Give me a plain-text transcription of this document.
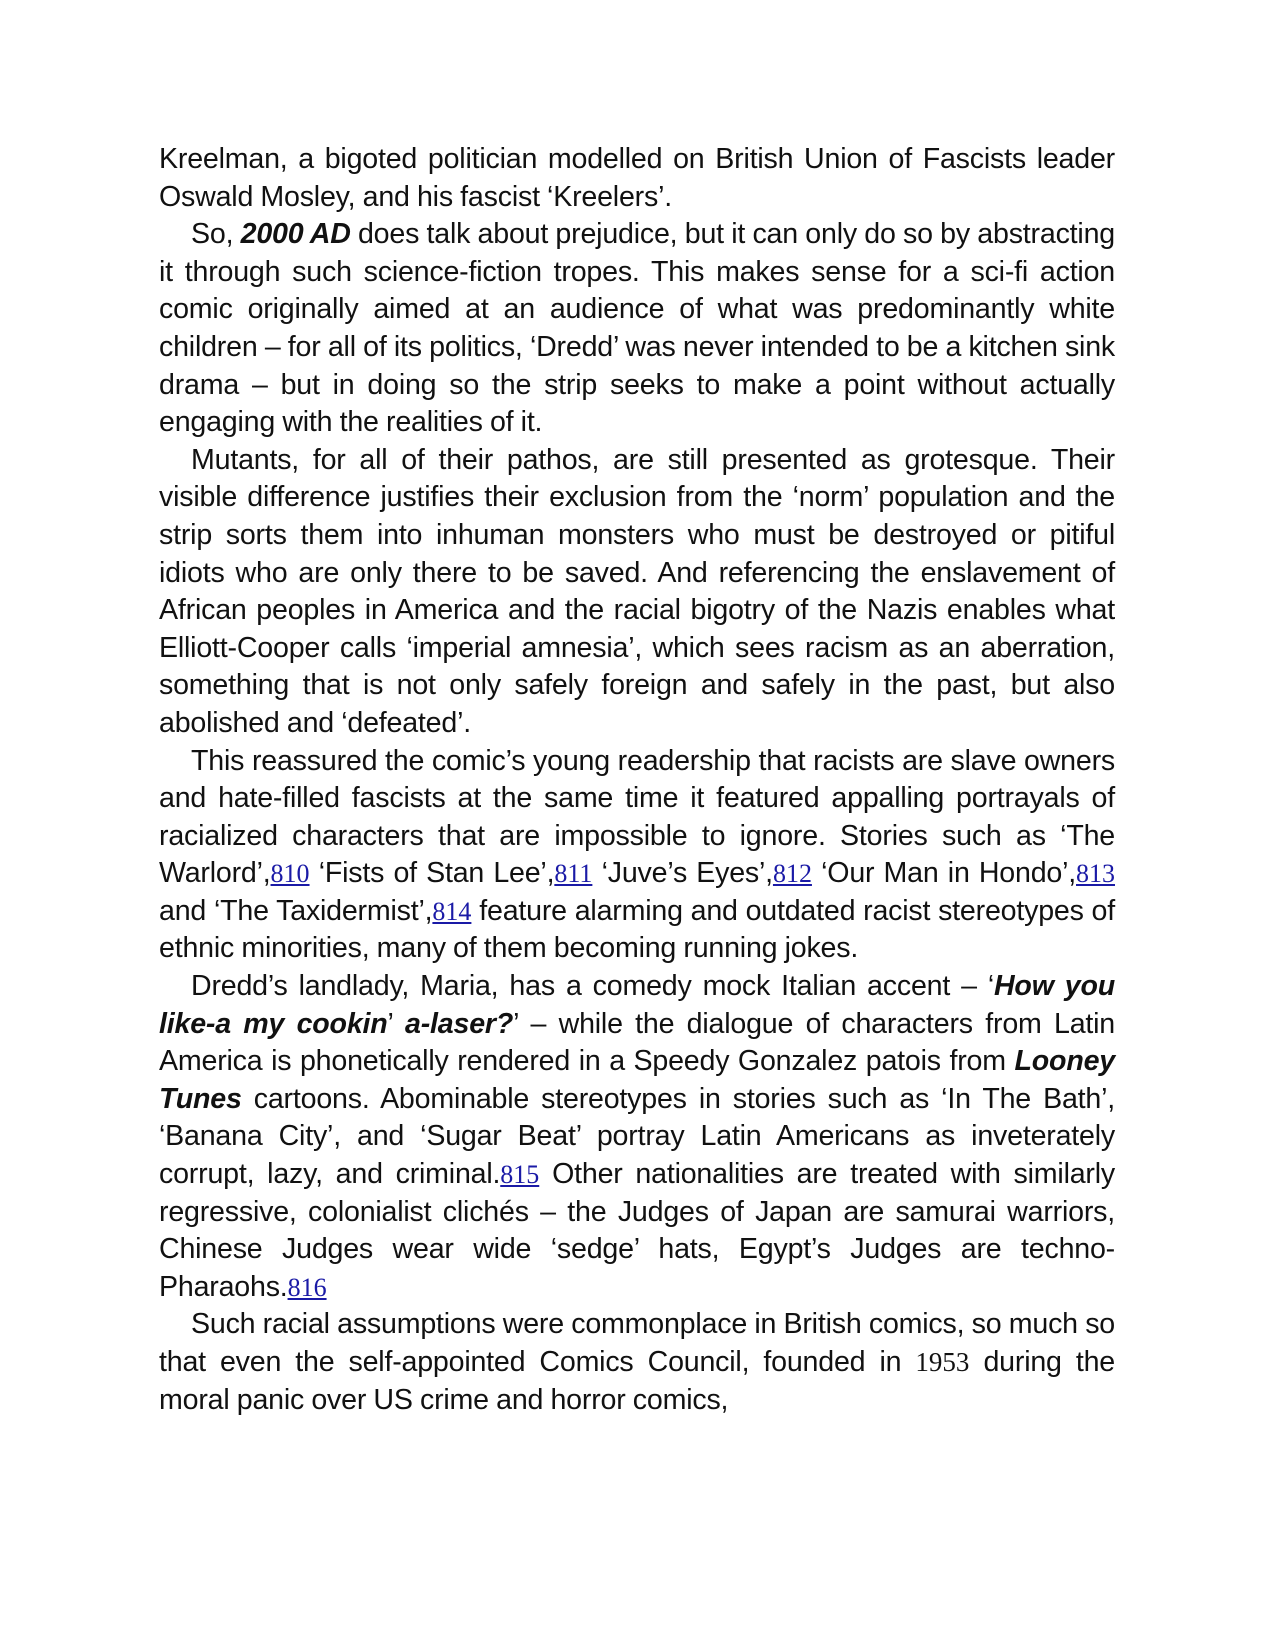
Kreelman, a bigoted politician modelled on British Union of Fascists leader Oswald Mosley, and his fascist ‘Kreelers’.

So, 2000 AD does talk about prejudice, but it can only do so by abstracting it through such science-fiction tropes. This makes sense for a sci-fi action comic originally aimed at an audience of what was predominantly white children – for all of its politics, ‘Dredd’ was never intended to be a kitchen sink drama – but in doing so the strip seeks to make a point without actually engaging with the realities of it.

Mutants, for all of their pathos, are still presented as grotesque. Their visible difference justifies their exclusion from the ‘norm’ population and the strip sorts them into inhuman monsters who must be destroyed or pitiful idiots who are only there to be saved. And referencing the enslavement of African peoples in America and the racial bigotry of the Nazis enables what Elliott-Cooper calls ‘imperial amnesia’, which sees racism as an aberration, something that is not only safely foreign and safely in the past, but also abolished and ‘defeated’.

This reassured the comic’s young readership that racists are slave owners and hate-filled fascists at the same time it featured appalling portrayals of racialized characters that are impossible to ignore. Stories such as ‘The Warlord’,810 ‘Fists of Stan Lee’,811 ‘Juve’s Eyes’,812 ‘Our Man in Hondo’,813 and ‘The Taxidermist’,814 feature alarming and outdated racist stereotypes of ethnic minorities, many of them becoming running jokes.

Dredd’s landlady, Maria, has a comedy mock Italian accent – ‘How you like-a my cookin’ a-laser?’ – while the dialogue of characters from Latin America is phonetically rendered in a Speedy Gonzalez patois from Looney Tunes cartoons. Abominable stereotypes in stories such as ‘In The Bath’, ‘Banana City’, and ‘Sugar Beat’ portray Latin Americans as inveterately corrupt, lazy, and criminal.815 Other nationalities are treated with similarly regressive, colonialist clichés – the Judges of Japan are samurai warriors, Chinese Judges wear wide ‘sedge’ hats, Egypt’s Judges are techno-Pharaohs.816

Such racial assumptions were commonplace in British comics, so much so that even the self-appointed Comics Council, founded in 1953 during the moral panic over US crime and horror comics,
